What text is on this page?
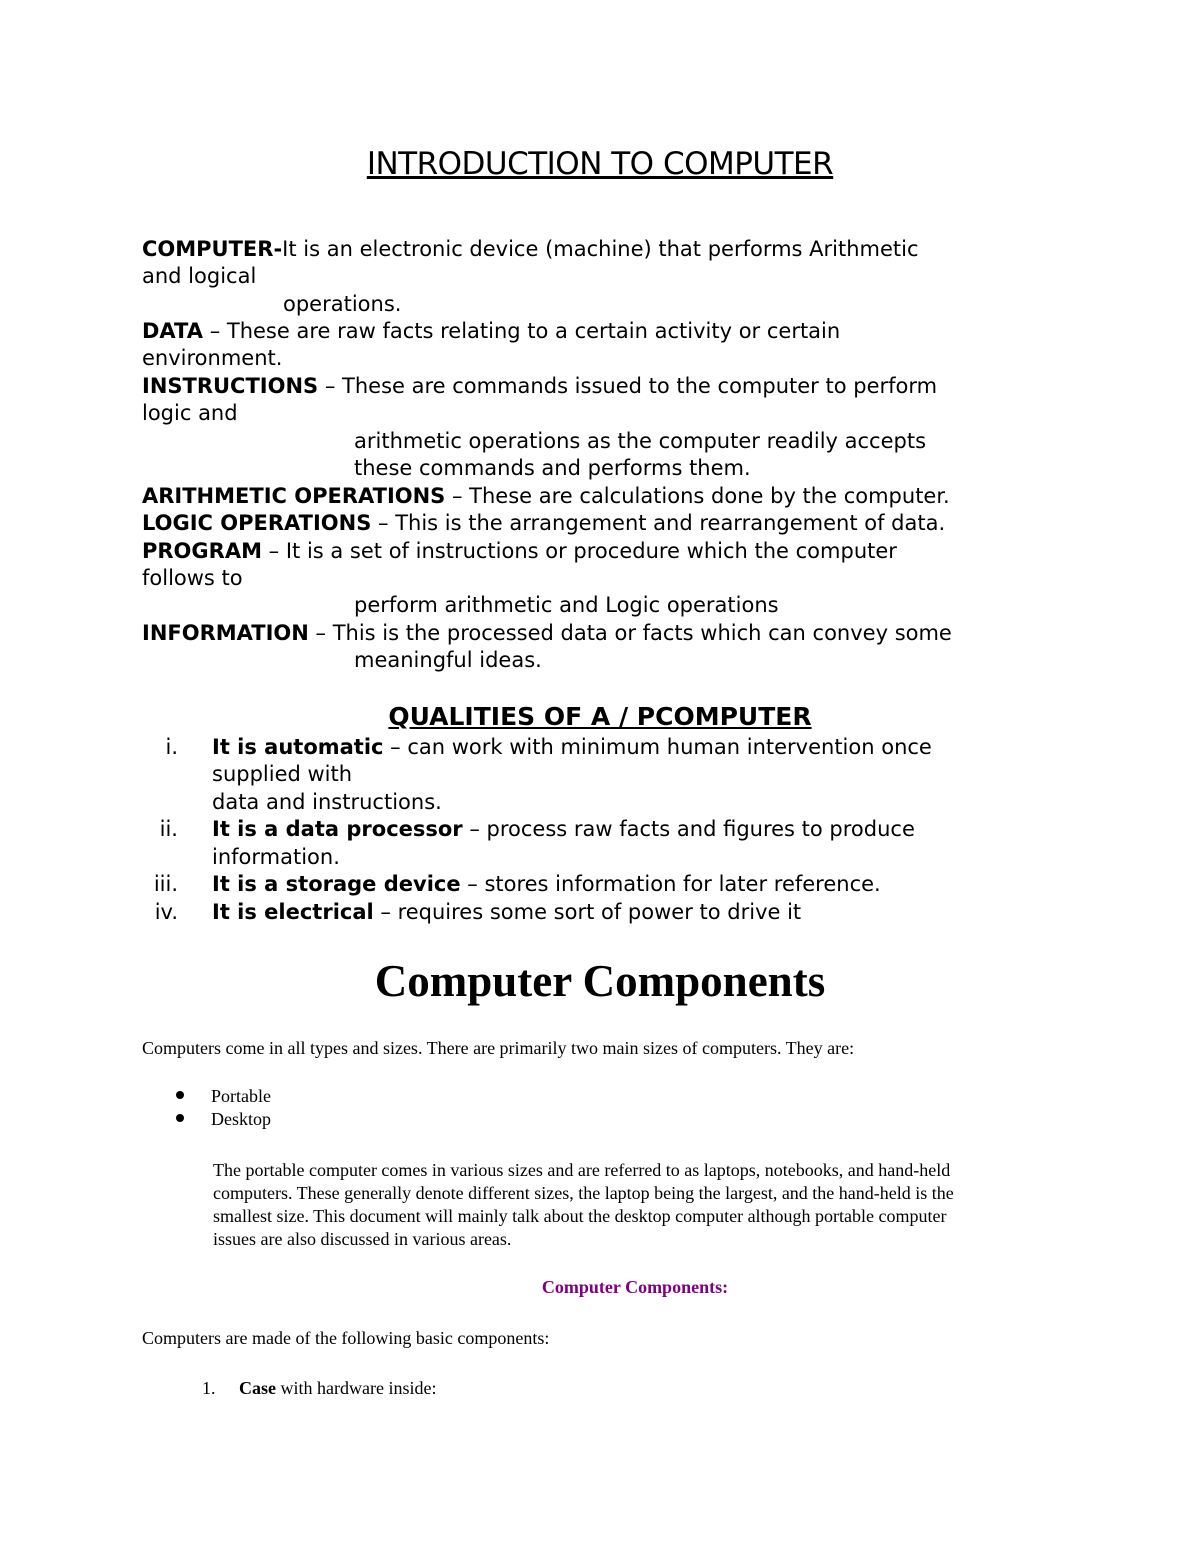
INTRODUCTION TO COMPUTER
COMPUTER-It is an electronic device (machine) that performs Arithmetic
and logical
operations.
DATA – These are raw facts relating to a certain activity or certain
environment.
INSTRUCTIONS – These are commands issued to the computer to perform
logic and
arithmetic operations as the computer readily accepts
these commands and performs them.
ARITHMETIC OPERATIONS – These are calculations done by the computer.
LOGIC OPERATIONS – This is the arrangement and rearrangement of data.
PROGRAM – It is a set of instructions or procedure which the computer
follows to
perform arithmetic and Logic operations
INFORMATION – This is the processed data or facts which can convey some
meaningful ideas.
QUALITIES OF A / PCOMPUTER
i. It is automatic – can work with minimum human intervention once
supplied with
data and instructions.
ii. It is a data processor – process raw facts and figures to produce
information.
iii. It is a storage device – stores information for later reference.
iv. It is electrical – requires some sort of power to drive it
Computer Components
Computers come in all types and sizes. There are primarily two main sizes of computers. They are:
Portable
Desktop
The portable computer comes in various sizes and are referred to as laptops, notebooks, and hand-held
computers. These generally denote different sizes, the laptop being the largest, and the hand-held is the
smallest size. This document will mainly talk about the desktop computer although portable computer
issues are also discussed in various areas.
Computer Components:
Computers are made of the following basic components:
1. Case with hardware inside:
